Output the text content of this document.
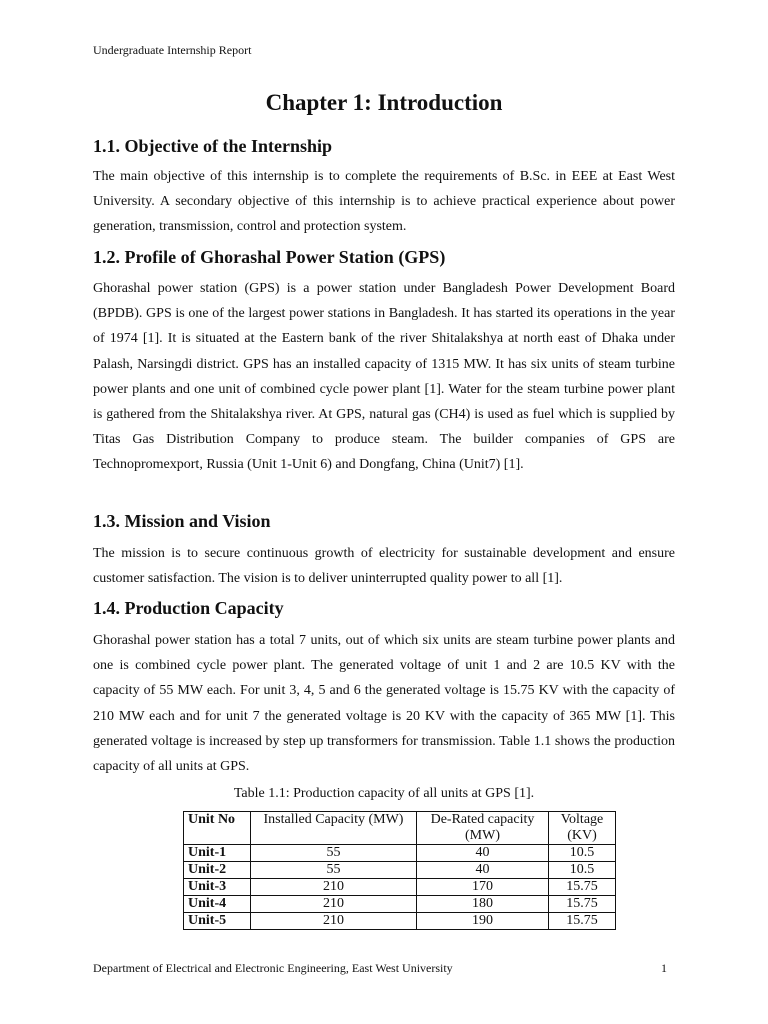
Undergraduate Internship Report
Chapter 1: Introduction
1.1. Objective of the Internship

The main objective of this internship is to complete the requirements of B.Sc. in EEE at East West University. A secondary objective of this internship is to achieve practical experience about power generation, transmission, control and protection system.

1.2. Profile of Ghorashal Power Station (GPS)

Ghorashal power station (GPS) is a power station under Bangladesh Power Development Board (BPDB). GPS is one of the largest power stations in Bangladesh. It has started its operations in the year of 1974 [1]. It is situated at the Eastern bank of the river Shitalakshya at north east of Dhaka under Palash, Narsingdi district. GPS has an installed capacity of 1315 MW. It has six units of steam turbine power plants and one unit of combined cycle power plant [1]. Water for the steam turbine power plant is gathered from the Shitalakshya river. At GPS, natural gas (CH4) is used as fuel which is supplied by Titas Gas Distribution Company to produce steam. The builder companies of GPS are Technopromexport, Russia (Unit 1-Unit 6) and Dongfang, China (Unit7) [1].

1.3. Mission and Vision

The mission is to secure continuous growth of electricity for sustainable development and ensure customer satisfaction. The vision is to deliver uninterrupted quality power to all [1].

1.4. Production Capacity

Ghorashal power station has a total 7 units, out of which six units are steam turbine power plants and one is combined cycle power plant. The generated voltage of unit 1 and 2 are 10.5 KV with the capacity of 55 MW each. For unit 3, 4, 5 and 6 the generated voltage is 15.75 KV with the capacity of 210 MW each and for unit 7 the generated voltage is 20 KV with the capacity of 365 MW [1]. This generated voltage is increased by step up transformers for transmission. Table 1.1 shows the production capacity of all units at GPS.

Table 1.1: Production capacity of all units at GPS [1].
Unit No	Installed Capacity (MW)	De-Rated capacity (MW)	Voltage (KV)
Unit-1	55	40	10.5
Unit-2	55	40	10.5
Unit-3	210	170	15.75
Unit-4	210	180	15.75
Unit-5	210	190	15.75
Department of Electrical and Electronic Engineering, East West University	1
